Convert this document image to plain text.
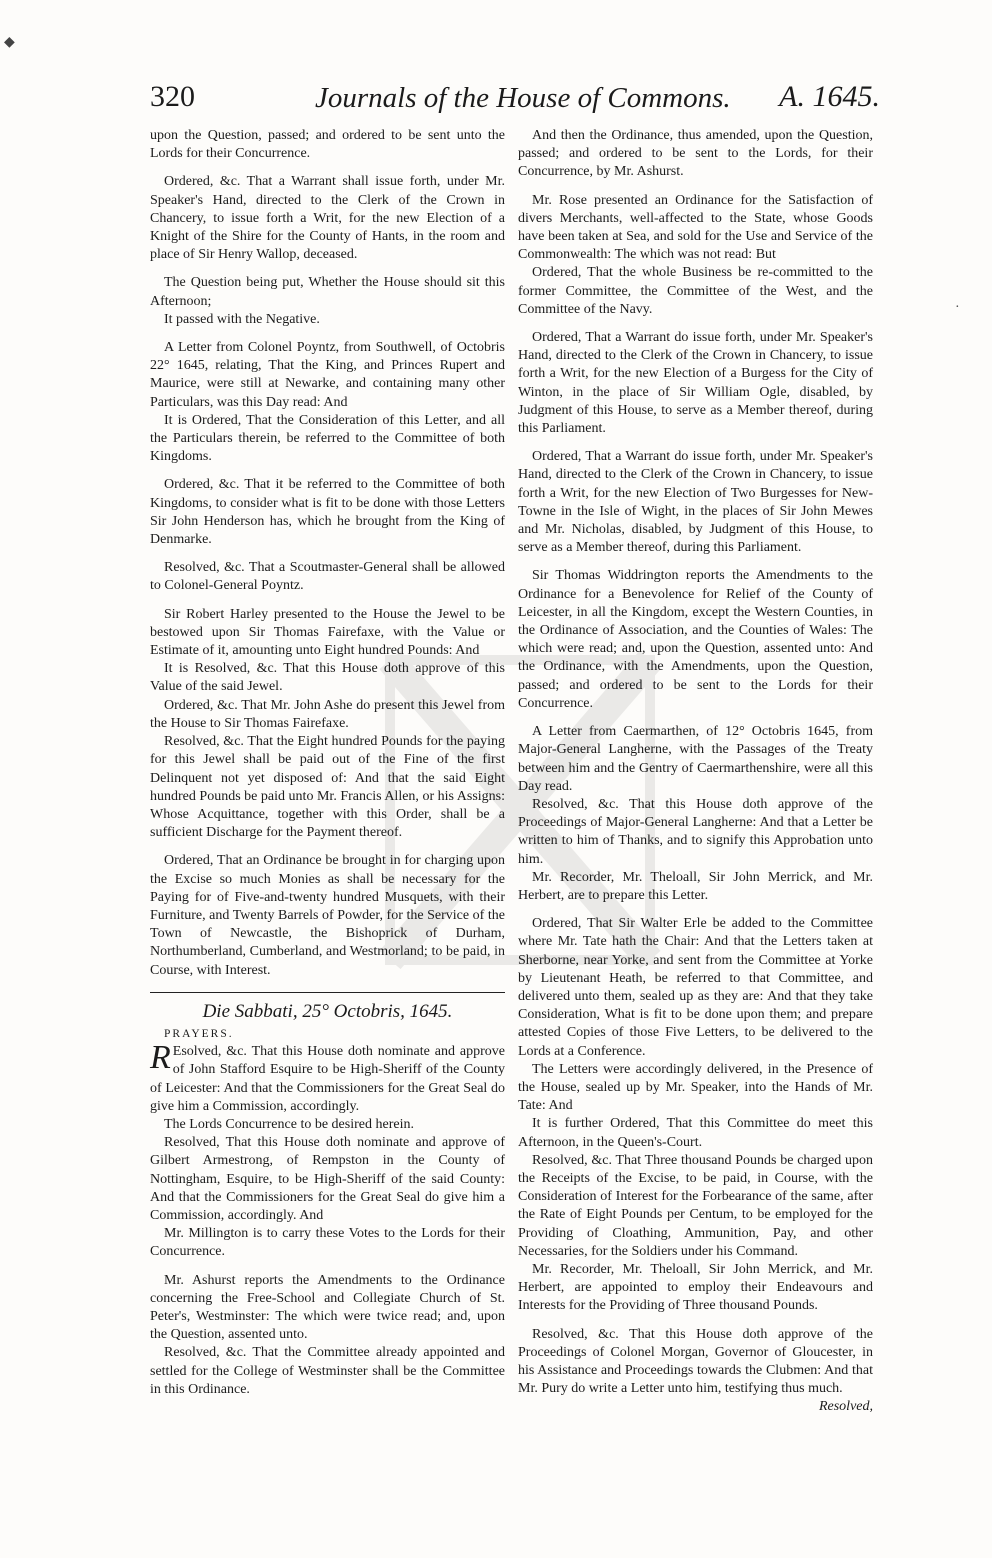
320	Journals of the House of Commons. A. 1645.

upon the Question, passed; and ordered to be sent unto the Lords for their Concurrence.

Ordered, &c. That a Warrant shall issue forth, under Mr. Speaker's Hand, directed to the Clerk of the Crown in Chancery, to issue forth a Writ, for the new Election of a Knight of the Shire for the County of Hants, in the room and place of Sir Henry Wallop, deceased.

The Question being put, Whether the House should sit this Afternoon;

It passed with the Negative.

A Letter from Colonel Poyntz, from Southwell, of Octobris 22° 1645, relating, That the King, and Princes Rupert and Maurice, were still at Newarke, and containing many other Particulars, was this Day read: And

It is Ordered, That the Consideration of this Letter, and all the Particulars therein, be referred to the Committee of both Kingdoms.

Ordered, &c. That it be referred to the Committee of both Kingdoms, to consider what is fit to be done with those Letters Sir John Henderson has, which he brought from the King of Denmarke.

Resolved, &c. That a Scoutmaster-General shall be allowed to Colonel-General Poyntz.

Sir Robert Harley presented to the House the Jewel to be bestowed upon Sir Thomas Fairefaxe, with the Value or Estimate of it, amounting unto Eight hundred Pounds: And

It is Resolved, &c. That this House doth approve of this Value of the said Jewel.

Ordered, &c. That Mr. John Ashe do present this Jewel from the House to Sir Thomas Fairefaxe.

Resolved, &c. That the Eight hundred Pounds for the paying for this Jewel shall be paid out of the Fine of the first Delinquent not yet disposed of: And that the said Eight hundred Pounds be paid unto Mr. Francis Allen, or his Assigns: Whose Acquittance, together with this Order, shall be a sufficient Discharge for the Payment thereof.

Ordered, That an Ordinance be brought in for charging upon the Excise so much Monies as shall be necessary for the Paying for of Five-and-twenty hundred Musquets, with their Furniture, and Twenty Barrels of Powder, for the Service of the Town of Newcastle, the Bishoprick of Durham, Northumberland, Cumberland, and Westmorland; to be paid, in Course, with Interest.

Die Sabbati, 25° Octobris, 1645.
PRAYERS.

R Esolved, &c. That this House doth nominate and approve of John Stafford Esquire to be High-Sheriff of the County of Leicester: And that the Commissioners for the Great Seal do give him a Commission, accordingly.

The Lords Concurrence to be desired herein.

Resolved, That this House doth nominate and approve of Gilbert Armestrong, of Rempston in the County of Nottingham, Esquire, to be High-Sheriff of the said County: And that the Commissioners for the Great Seal do give him a Commission, accordingly. And

Mr. Millington is to carry these Votes to the Lords for their Concurrence.

Mr. Ashurst reports the Amendments to the Ordinance concerning the Free-School and Collegiate Church of St. Peter's, Westminster: The which were twice read; and, upon the Question, assented unto.

Resolved, &c. That the Committee already appointed and settled for the College of Westminster shall be the Committee in this Ordinance.

And then the Ordinance, thus amended, upon the Question, passed; and ordered to be sent to the Lords, for their Concurrence, by Mr. Ashurst.

Mr. Rose presented an Ordinance for the Satisfaction of divers Merchants, well-affected to the State, whose Goods have been taken at Sea, and sold for the Use and Service of the Commonwealth: The which was not read: But

Ordered, That the whole Business be re-committed to the former Committee, the Committee of the West, and the Committee of the Navy.

Ordered, That a Warrant do issue forth, under Mr. Speaker's Hand, directed to the Clerk of the Crown in Chancery, to issue forth a Writ, for the new Election of a Burgess for the City of Winton, in the place of Sir William Ogle, disabled, by Judgment of this House, to serve as a Member thereof, during this Parliament.

Ordered, That a Warrant do issue forth, under Mr. Speaker's Hand, directed to the Clerk of the Crown in Chancery, to issue forth a Writ, for the new Election of Two Burgesses for New-Towne in the Isle of Wight, in the places of Sir John Mewes and Mr. Nicholas, disabled, by Judgment of this House, to serve as a Member thereof, during this Parliament.

Sir Thomas Widdrington reports the Amendments to the Ordinance for a Benevolence for Relief of the County of Leicester, in all the Kingdom, except the Western Counties, in the Ordinance of Association, and the Counties of Wales: The which were read; and, upon the Question, assented unto: And the Ordinance, with the Amendments, upon the Question, passed; and ordered to be sent to the Lords for their Concurrence.

A Letter from Caermarthen, of 12° Octobris 1645, from Major-General Langherne, with the Passages of the Treaty between him and the Gentry of Caermarthenshire, were all this Day read.

Resolved, &c. That this House doth approve of the Proceedings of Major-General Langherne: And that a Letter be written to him of Thanks, and to signify this Approbation unto him.

Mr. Recorder, Mr. Theloall, Sir John Merrick, and Mr. Herbert, are to prepare this Letter.

Ordered, That Sir Walter Erle be added to the Committee where Mr. Tate hath the Chair: And that the Letters taken at Sherborne, near Yorke, and sent from the Committee at Yorke by Lieutenant Heath, be referred to that Committee, and delivered unto them, sealed up as they are: And that they take Consideration, What is fit to be done upon them; and prepare attested Copies of those Five Letters, to be delivered to the Lords at a Conference.

The Letters were accordingly delivered, in the Presence of the House, sealed up by Mr. Speaker, into the Hands of Mr. Tate: And

It is further Ordered, That this Committee do meet this Afternoon, in the Queen's-Court.

Resolved, &c. That Three thousand Pounds be charged upon the Receipts of the Excise, to be paid, in Course, with the Consideration of Interest for the Forbearance of the same, after the Rate of Eight Pounds per Centum, to be employed for the Providing of Cloathing, Ammunition, Pay, and other Necessaries, for the Soldiers under his Command.

Mr. Recorder, Mr. Theloall, Sir John Merrick, and Mr. Herbert, are appointed to employ their Endeavours and Interests for the Providing of Three thousand Pounds.

Resolved, &c. That this House doth approve of the Proceedings of Colonel Morgan, Governor of Gloucester, in his Assistance and Proceedings towards the Clubmen: And that Mr. Pury do write a Letter unto him, testifying thus much.

Resolved,

◆
·
